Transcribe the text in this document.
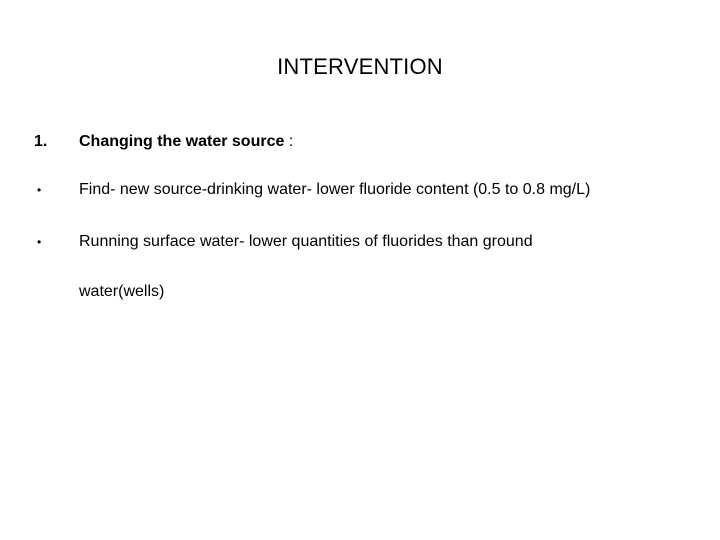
INTERVENTION
1. Changing the water source :
• Find- new source-drinking water- lower fluoride content (0.5 to 0.8 mg/L)
• Running surface water- lower quantities of fluorides than ground
water(wells)
